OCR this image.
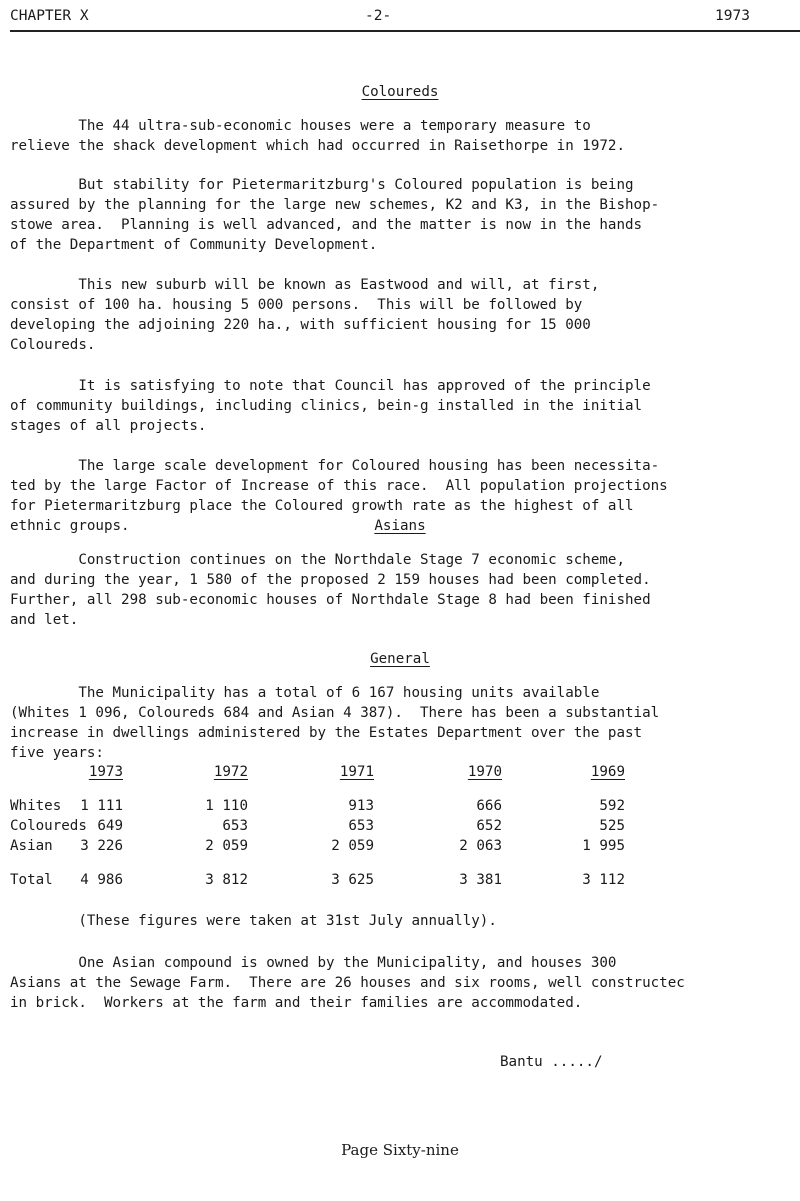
CHAPTER X	-2-	1973
Coloureds
The 44 ultra-sub-economic houses were a temporary measure to
relieve the shack development which had occurred in Raisethorpe in 1972.
But stability for Pietermaritzburg's Coloured population is being
assured by the planning for the large new schemes, K2 and K3, in the Bishop-
stowe area.  Planning is well advanced, and the matter is now in the hands
of the Department of Community Development.
This new suburb will be known as Eastwood and will, at first,
consist of 100 ha. housing 5 000 persons.  This will be followed by
developing the adjoining 220 ha., with sufficient housing for 15 000
Coloureds.
It is satisfying to note that Council has approved of the principle
of community buildings, including clinics, bein-g installed in the initial
stages of all projects.
The large scale development for Coloured housing has been necessita-
ted by the large Factor of Increase of this race.  All population projections
for Pietermaritzburg place the Coloured growth rate as the highest of all
ethnic groups.	Asians
Construction continues on the Northdale Stage 7 economic scheme,
and during the year, 1 580 of the proposed 2 159 houses had been completed.
Further, all 298 sub-economic houses of Northdale Stage 8 had been finished
and let.
General
The Municipality has a total of 6 167 housing units available
(Whites 1 096, Coloureds 684 and Asian 4 387).  There has been a substantial
increase in dwellings administered by the Estates Department over the past
five years:
1973	1972	1971	1970	1969
Whites	1 111	1 110	913	666	592
Coloureds 649	653	653	652	525
Asian	3 226	2 059	2 059	2 063	1 995
Total	4 986	3 812	3 625	3 381	3 112
(These figures were taken at 31st July annually).
One Asian compound is owned by the Municipality, and houses 300
Asians at the Sewage Farm.  There are 26 houses and six rooms, well constructec
in brick.  Workers at the farm and their families are accommodated.
Bantu ...../
Page Sixty-nine
